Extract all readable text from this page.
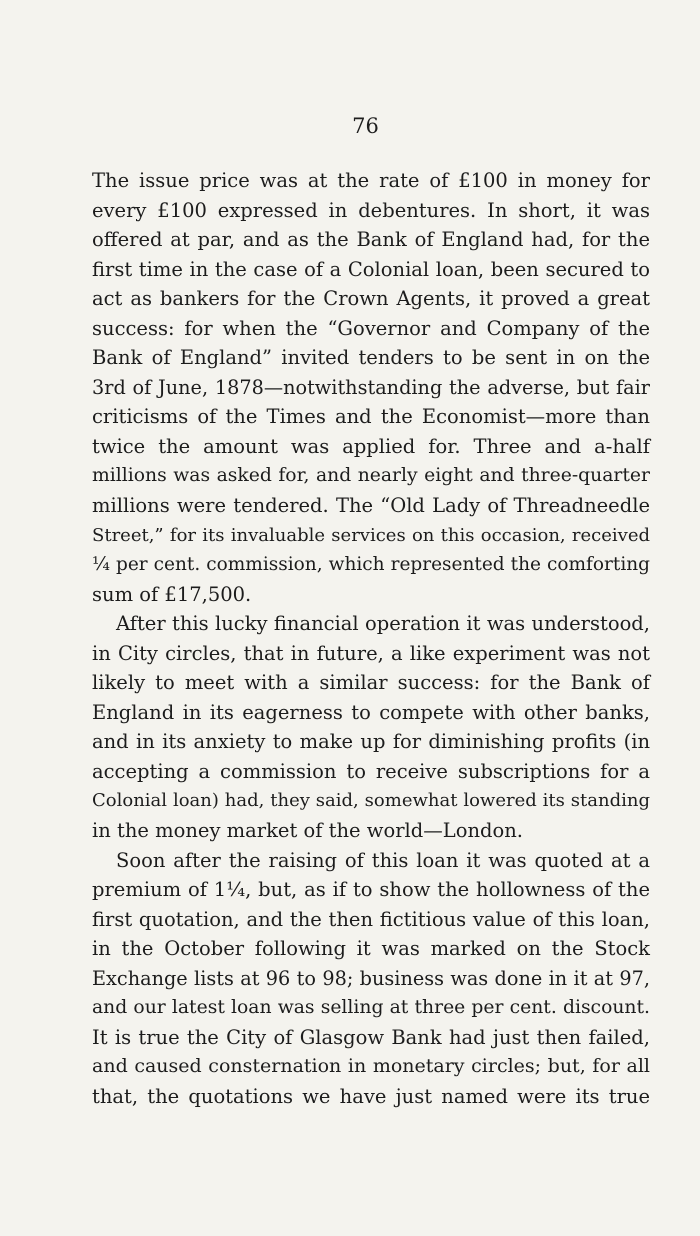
76
The issue price was at the rate of £100 in money for
every £100 expressed in debentures. In short, it was
offered at par, and as the Bank of England had, for the
first time in the case of a Colonial loan, been secured to
act as bankers for the Crown Agents, it proved a great
success: for when the “Governor and Company of the
Bank of England” invited tenders to be sent in on the
3rd of June, 1878—notwithstanding the adverse, but fair
criticisms of the Times and the Economist—more than
twice the amount was applied for. Three and a-half
millions was asked for, and nearly eight and three-quarter
millions were tendered. The “Old Lady of Threadneedle
Street,” for its invaluable services on this occasion, received
¼ per cent. commission, which represented the comforting
sum of £17,500.
After this lucky financial operation it was understood,
in City circles, that in future, a like experiment was not
likely to meet with a similar success: for the Bank of
England in its eagerness to compete with other banks,
and in its anxiety to make up for diminishing profits (in
accepting a commission to receive subscriptions for a
Colonial loan) had, they said, somewhat lowered its standing
in the money market of the world—London.
Soon after the raising of this loan it was quoted at a
premium of 1¼, but, as if to show the hollowness of the
first quotation, and the then fictitious value of this loan,
in the October following it was marked on the Stock
Exchange lists at 96 to 98; business was done in it at 97,
and our latest loan was selling at three per cent. discount.
It is true the City of Glasgow Bank had just then failed,
and caused consternation in monetary circles; but, for all
that, the quotations we have just named were its true
